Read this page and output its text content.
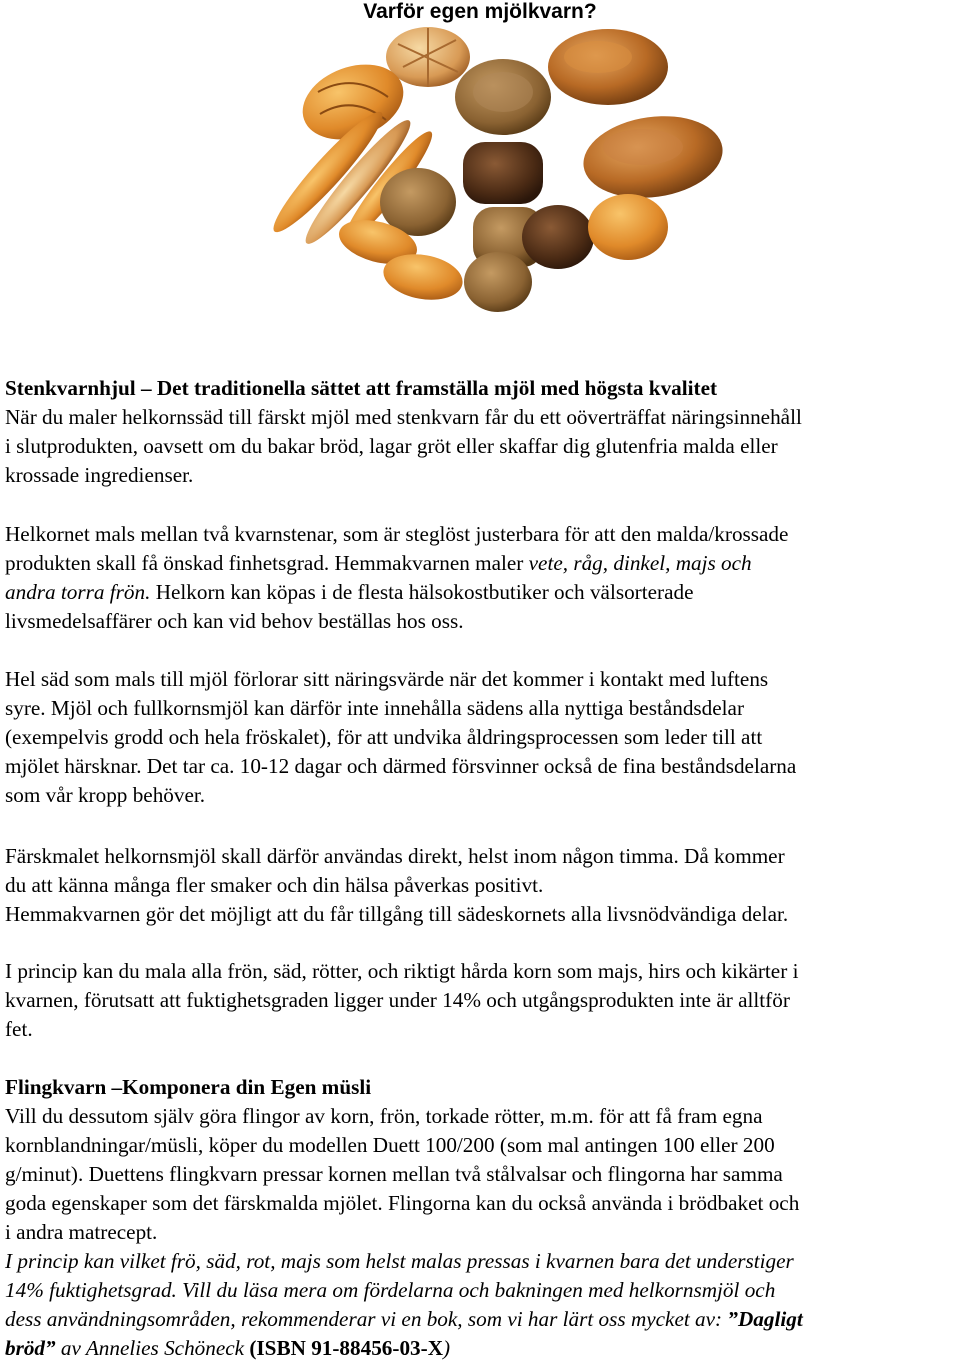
Varför egen mjölkvarn?

Stenkvarnhjul – Det traditionella sättet att framställa mjöl med högsta kvalitet

När du maler helkornssäd till färskt mjöl med stenkvarn får du ett oöverträffat näringsinnehåll

i slutprodukten, oavsett om du bakar bröd, lagar gröt eller skaffar dig glutenfria malda eller

krossade ingredienser.

Helkornet mals mellan två kvarnstenar, som är steglöst justerbara för att den malda/krossade

produkten skall få önskad finhetsgrad. Hemmakvarnen maler vete, råg, dinkel, majs och

andra torra frön. Helkorn kan köpas i de flesta hälsokostbutiker och välsorterade

livsmedelsaffärer och kan vid behov beställas hos oss.

Hel säd som mals till mjöl förlorar sitt näringsvärde när det kommer i kontakt med luftens

syre. Mjöl och fullkornsmjöl kan därför inte innehålla sädens alla nyttiga beståndsdelar

(exempelvis grodd och hela fröskalet), för att undvika åldringsprocessen som leder till att

mjölet härsknar. Det tar ca. 10-12 dagar och därmed försvinner också de fina beståndsdelarna

som vår kropp behöver.

Färskmalet helkornsmjöl skall därför användas direkt, helst inom någon timma. Då kommer

du att känna många fler smaker och din hälsa påverkas positivt.

Hemmakvarnen gör det möjligt att du får tillgång till sädeskornets alla livsnödvändiga delar.

I princip kan du mala alla frön, säd, rötter, och riktigt hårda korn som majs, hirs och kikärter i

kvarnen, förutsatt att fuktighetsgraden ligger under 14% och utgångsprodukten inte är alltför

fet.

Flingkvarn –Komponera din Egen müsli

Vill du dessutom själv göra flingor av korn, frön, torkade rötter, m.m. för att få fram egna

kornblandningar/müsli, köper du modellen Duett 100/200 (som mal antingen 100 eller 200

g/minut). Duettens flingkvarn pressar kornen mellan två stålvalsar och flingorna har samma

goda egenskaper som det färskmalda mjölet. Flingorna kan du också använda i brödbaket och

i andra matrecept.

I princip kan vilket frö, säd, rot, majs som helst malas pressas i kvarnen bara det understiger

14% fuktighetsgrad. Vill du läsa mera om fördelarna och bakningen med helkornsmjöl och

dess användningsområden, rekommenderar vi en bok, som vi har lärt oss mycket av: ”Dagligt

bröd” av Annelies Schöneck (ISBN 91-88456-03-X)
